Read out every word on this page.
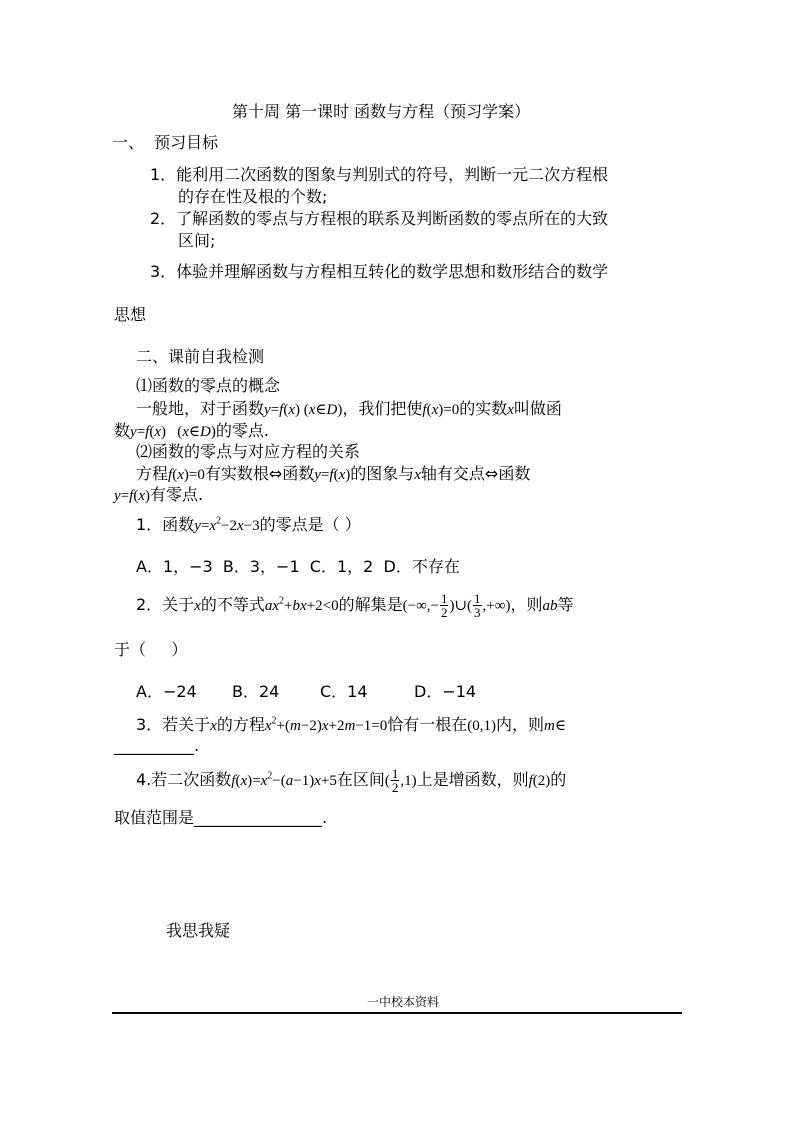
第十周 第一课时 函数与方程（预习学案）
一、  预习目标
1．能利用二次函数的图象与判别式的符号，判断一元二次方程根
的存在性及根的个数;
2．了解函数的零点与方程根的联系及判断函数的零点所在的大致
区间;
3．体验并理解函数与方程相互转化的数学思想和数形结合的数学
思想
二、课前自我检测
⑴函数的零点的概念
一般地，对于函数y=f(x) (x∈D)，我们把使f(x)=0的实数x叫做函
数y=f(x)   (x∈D)的零点.
⑵函数的零点与对应方程的关系
方程f(x)=0有实数根⇔函数y=f(x)的图象与x轴有交点⇔函数
y=f(x)有零点.
1．函数$y=x^2-2x-3$的零点是（ ）
A．1，−3  B．3，−1  C．1，2  D．不存在
2．关于x的不等式$ax^2+bx+2<0$的解集是(−∞,− $\frac{1}{2}$ )∪( $\frac{1}{3}$ ,+∞)，则ab等
于（     ）
A．−24 B．24	C．14	D．−14
3．若关于x的方程$x^2+(m-2)x+2m-1=0$恰有一根在(0,1)内，则m∈
__________.
4.若二次函数$f(x)=x^2-(a-1)x+5$在区间( $\frac{1}{2} ,1$)上是增函数，则f(2)的
取值范围是________________.
我思我疑
一中校本资料
